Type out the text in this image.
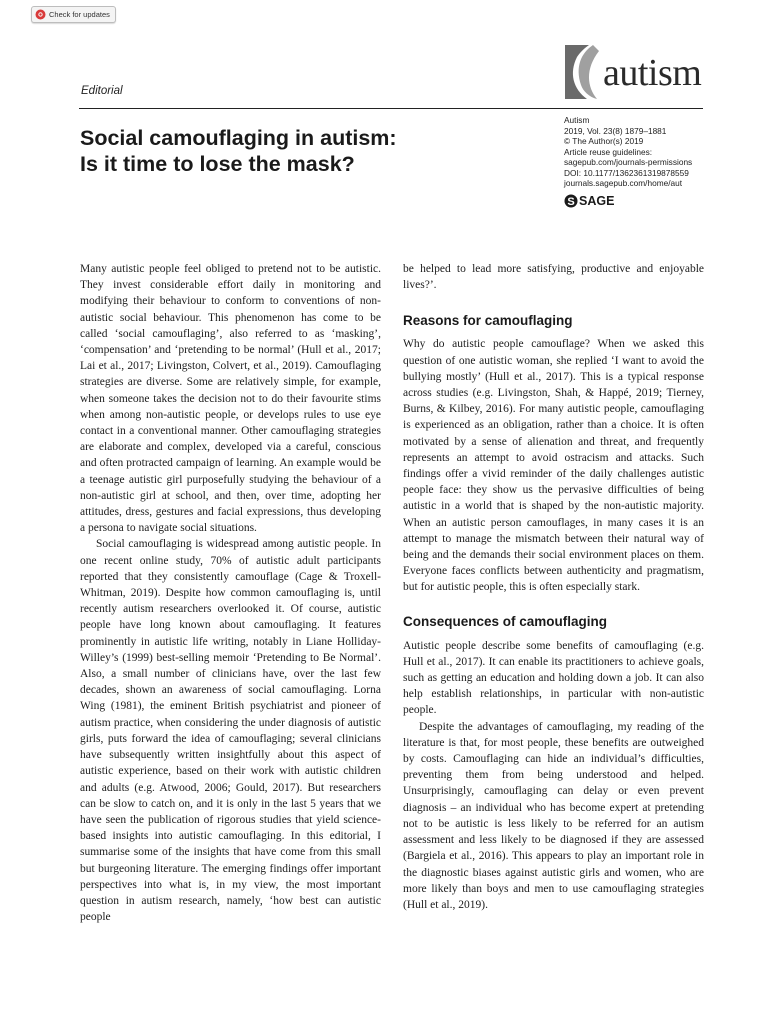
Check for updates
autism
Editorial
Social camouflaging in autism:
Is it time to lose the mask?
Autism
2019, Vol. 23(8) 1879–1881
© The Author(s) 2019
Article reuse guidelines:
sagepub.com/journals-permissions
DOI: 10.1177/1362361319878559
journals.sagepub.com/home/aut
S SAGE

Many autistic people feel obliged to pretend not to be autistic. They invest considerable effort daily in monitoring and modifying their behaviour to conform to conventions of non-autistic social behaviour. This phenomenon has come to be called ‘social camouflaging’, also referred to as ‘masking’, ‘compensation’ and ‘pretending to be normal’ (Hull et al., 2017; Lai et al., 2017; Livingston, Colvert, et al., 2019). Camouflaging strategies are diverse. Some are relatively simple, for example, when someone takes the decision not to do their favourite stims when among non-autistic people, or develops rules to use eye contact in a conventional manner. Other camouflaging strategies are elaborate and complex, developed via a careful, conscious and often protracted campaign of learning. An example would be a teenage autistic girl purposefully studying the behaviour of a non-autistic girl at school, and then, over time, adopting her attitudes, dress, gestures and facial expressions, thus developing a persona to navigate social situations.

Social camouflaging is widespread among autistic people. In one recent online study, 70% of autistic adult participants reported that they consistently camouflage (Cage & Troxell-Whitman, 2019). Despite how common camouflaging is, until recently autism researchers overlooked it. Of course, autistic people have long known about camouflaging. It features prominently in autistic life writing, notably in Liane Holliday-Willey’s (1999) best-selling memoir ‘Pretending to Be Normal’. Also, a small number of clinicians have, over the last few decades, shown an awareness of social camouflaging. Lorna Wing (1981), the eminent British psychiatrist and pioneer of autism practice, when considering the under diagnosis of autistic girls, puts forward the idea of camouflaging; several clinicians have subsequently written insightfully about this aspect of autistic experience, based on their work with autistic children and adults (e.g. Atwood, 2006; Gould, 2017). But researchers can be slow to catch on, and it is only in the last 5 years that we have seen the publication of rigorous studies that yield science-based insights into autistic camouflaging. In this editorial, I summarise some of the insights that have come from this small but burgeoning literature. The emerging findings offer important perspectives into what is, in my view, the most important question in autism research, namely, ‘how best can autistic people

be helped to lead more satisfying, productive and enjoyable lives?’.

Reasons for camouflaging

Why do autistic people camouflage? When we asked this question of one autistic woman, she replied ‘I want to avoid the bullying mostly’ (Hull et al., 2017). This is a typical response across studies (e.g. Livingston, Shah, & Happé, 2019; Tierney, Burns, & Kilbey, 2016). For many autistic people, camouflaging is experienced as an obligation, rather than a choice. It is often motivated by a sense of alienation and threat, and frequently represents an attempt to avoid ostracism and attacks. Such findings offer a vivid reminder of the daily challenges autistic people face: they show us the pervasive difficulties of being autistic in a world that is shaped by the non-autistic majority. When an autistic person camouflages, in many cases it is an attempt to manage the mismatch between their natural way of being and the demands their social environment places on them. Everyone faces conflicts between authenticity and pragmatism, but for autistic people, this is often especially stark.

Consequences of camouflaging

Autistic people describe some benefits of camouflaging (e.g. Hull et al., 2017). It can enable its practitioners to achieve goals, such as getting an education and holding down a job. It can also help establish relationships, in particular with non-autistic people.

Despite the advantages of camouflaging, my reading of the literature is that, for most people, these benefits are outweighed by costs. Camouflaging can hide an individual’s difficulties, preventing them from being understood and helped. Unsurprisingly, camouflaging can delay or even prevent diagnosis – an individual who has become expert at pretending not to be autistic is less likely to be referred for an autism assessment and less likely to be diagnosed if they are assessed (Bargiela et al., 2016). This appears to play an important role in the diagnostic biases against autistic girls and women, who are more likely than boys and men to use camouflaging strategies (Hull et al., 2019).
